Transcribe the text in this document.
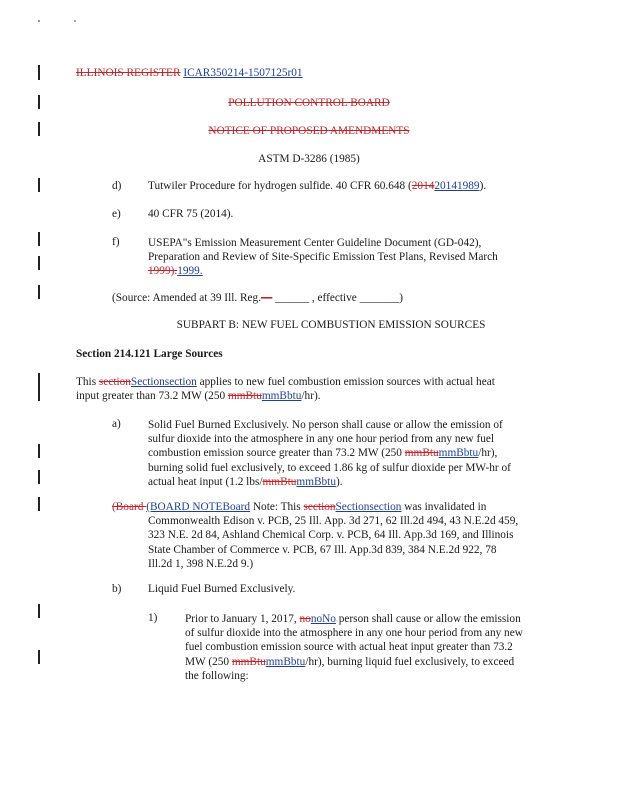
ILLINOIS REGISTER ICAR350214-1507125r01
POLLUTION CONTROL BOARD
NOTICE OF PROPOSED AMENDMENTS
ASTM D-3286 (1985)
d) Tutwiler Procedure for hydrogen sulfide. 40 CFR 60.648 (201420141989).
e) 40 CFR 75 (2014).
f)	USEPA"s Emission Measurement Center Guideline Document (GD-042),
Preparation and Review of Site-Specific Emission Test Plans, Revised March
1999).1999.
(Source: Amended at 39 Ill. Reg.— ______ , effective _______)
SUBPART B: NEW FUEL COMBUSTION EMISSION SOURCES
Section 214.121 Large Sources
This sectionSectionsection applies to new fuel combustion emission sources with actual heat
input greater than 73.2 MW (250 mmBtummBbtu/hr).
a) Solid Fuel Burned Exclusively. No person shall cause or allow the emission of
sulfur dioxide into the atmosphere in any one hour period from any new fuel
combustion emission source greater than 73.2 MW (250 mmBtummBbtu/hr),
burning solid fuel exclusively, to exceed 1.86 kg of sulfur dioxide per MW-hr of
actual heat input (1.2 lbs/mmBtummBbtu).
(Board (BOARD NOTEBoard Note: This sectionSectionsection was invalidated in
Commonwealth Edison v. PCB, 25 Ill. App. 3d 271, 62 Ill.2d 494, 43 N.E.2d 459,
323 N.E. 2d 84, Ashland Chemical Corp. v. PCB, 64 Ill. App.3d 169, and Illinois
State Chamber of Commerce v. PCB, 67 Ill. App.3d 839, 384 N.E.2d 922, 78
Ill.2d 1, 398 N.E.2d 9.)
b) Liquid Fuel Burned Exclusively.
1) Prior to January 1, 2017, nonoNo person shall cause or allow the emission
of sulfur dioxide into the atmosphere in any one hour period from any new
fuel combustion emission source with actual heat input greater than 73.2
MW (250 mmBtummBbtu/hr), burning liquid fuel exclusively, to exceed
the following:
